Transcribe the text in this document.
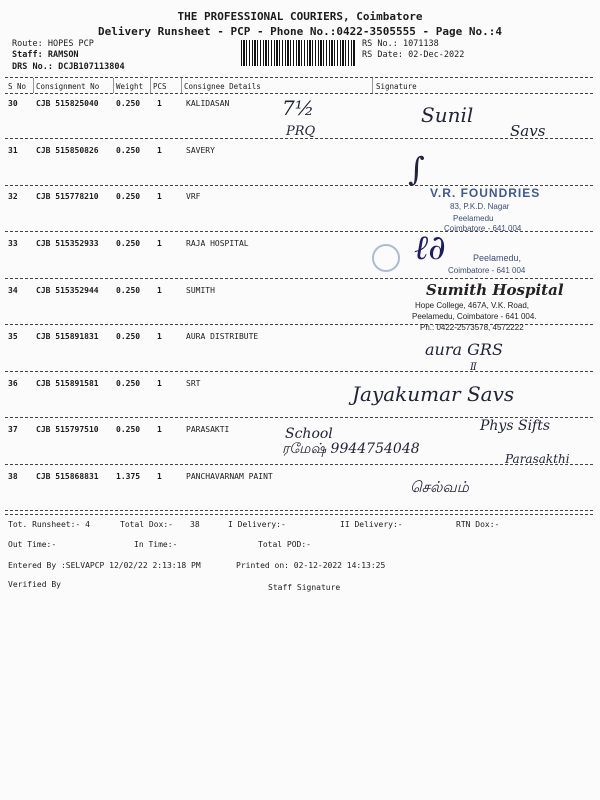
THE PROFESSIONAL COURIERS, Coimbatore
Delivery Runsheet - PCP - Phone No.:0422-3505555 - Page No.:4
Route: HOPES PCP
Staff: RAMSON
DRS No.: DCJB107113804
RS No.: 1071138
RS Date: 02-Dec-2022
S No Consignment No Weight PCS Consignee Details	Signature
30 CJB 515825040 0.250 1	KALIDASAN
31 CJB 515850826 0.250 1	SAVERY
32 CJB 515778210 0.250 1	VRF
33 CJB 515352933 0.250 1	RAJA HOSPITAL
34 CJB 515352944 0.250 1	SUMITH
35 CJB 515891831 0.250 1	AURA DISTRIBUTE
36 CJB 515891581 0.250 1	SRT
37 CJB 515797510 0.250 1	PARASAKTI
38 CJB 515868831 1.375 1	PANCHAVARNAM PAINT
7½
PRQ
Sunil
Savs
∫
V.R. FOUNDRIES
83, P.K.D. Nagar
Peelamedu
Coimbatore - 641 004
ℓ∂	Peelamedu,
Coimbatore - 641 004
Sumith Hospital
Hope College, 467A, V.K. Road,
Peelamedu, Coimbatore - 641 004.
Ph.: 0422-2573578, 4572222
aura GRS
Ⅱ
Jayakumar Savs
School
ரமேஷ் 9944754048
Phys Sifts
Parasakthi
செல்வம்
Tot. Runsheet:- 4	Total Dox:- 38	I Delivery:-	II Delivery:-	RTN Dox:-
Out Time:-	In Time:-	Total POD:-
Entered By :SELVAPCP 12/02/22 2:13:18 PM	Printed on: 02-12-2022 14:13:25
Verified By	Staff Signature
